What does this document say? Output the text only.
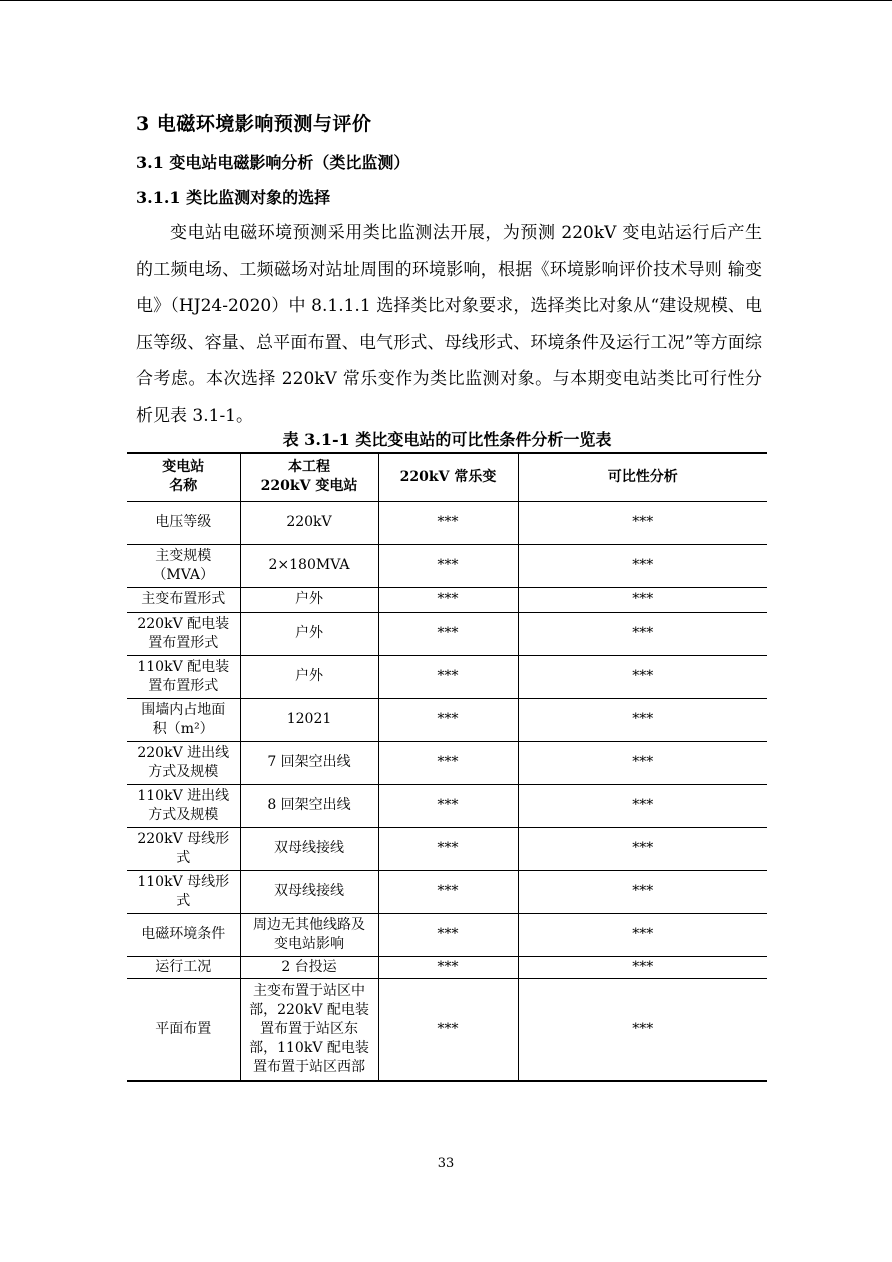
3 电磁环境影响预测与评价
3.1 变电站电磁影响分析（类比监测）
3.1.1 类比监测对象的选择

变电站电磁环境预测采用类比监测法开展，为预测 220kV 变电站运行后产生的工频电场、工频磁场对站址周围的环境影响，根据《环境影响评价技术导则 输变电》（HJ24-2020）中 8.1.1.1 选择类比对象要求，选择类比对象从“建设规模、电压等级、容量、总平面布置、电气形式、母线形式、环境条件及运行工况”等方面综合考虑。本次选择 220kV 常乐变作为类比监测对象。与本期变电站类比可行性分析见表 3.1-1。

表 3.1-1 类比变电站的可比性条件分析一览表
变电站
名称	本工程
220kV 变电站	220kV 常乐变	可比性分析
电压等级	220kV	***	***
主变规模
（MVA）	2×180MVA	***	***
主变布置形式	户外	***	***
220kV 配电装
置布置形式	户外	***	***
110kV 配电装
置布置形式	户外	***	***
围墙内占地面
积（m²）	12021	***	***
220kV 进出线
方式及规模	7 回架空出线	***	***
110kV 进出线
方式及规模	8 回架空出线	***	***
220kV 母线形
式	双母线接线	***	***
110kV 母线形
式	双母线接线	***	***
电磁环境条件	周边无其他线路及
变电站影响	***	***
运行工况	2 台投运	***	***
平面布置	主变布置于站区中
部，220kV 配电装
置布置于站区东
部，110kV 配电装
置布置于站区西部	***	***
33
